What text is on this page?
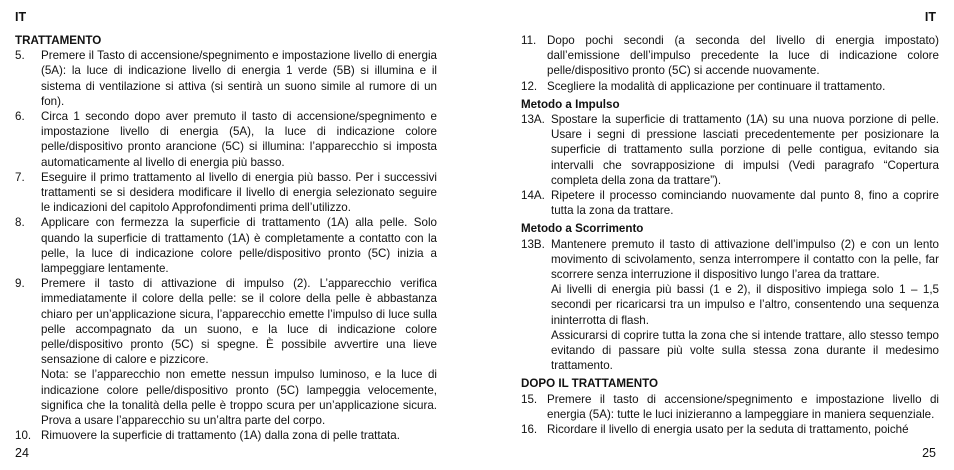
IT
TRATTAMENTO
5.	Premere il Tasto di accensione/spegnimento e impostazione livello di energia (5A): la luce di indicazione livello di energia 1 verde (5B) si illumina e il sistema di ventilazione si attiva (si sentirà un suono simile al rumore di un fon).

6.	Circa 1 secondo dopo aver premuto il tasto di accensione/spegnimento e impostazione livello di energia (5A), la luce di indicazione colore pelle/dispositivo pronto arancione (5C) si illumina: l’apparecchio si imposta automaticamente al livello di energia più basso.

7.	Eseguire il primo trattamento al livello di energia più basso. Per i successivi trattamenti se si desidera modificare il livello di energia selezionato seguire le indicazioni del capitolo Approfondimenti prima dell’utilizzo.

8.	Applicare con fermezza la superficie di trattamento (1A) alla pelle. Solo quando la superficie di trattamento (1A) è completamente a contatto con la pelle, la luce di indicazione colore pelle/dispositivo pronto (5C) inizia a lampeggiare lentamente.

9.	Premere il tasto di attivazione di impulso (2). L’apparecchio verifica immediatamente il colore della pelle: se il colore della pelle è abbastanza chiaro per un’applicazione sicura, l’apparecchio emette l’impulso di luce sulla pelle accompagnato da un suono, e la luce di indicazione colore pelle/dispositivo pronto (5C) si spegne. È possibile avvertire una lieve sensazione di calore e pizzicore.

Nota: se l’apparecchio non emette nessun impulso luminoso, e la luce di indicazione colore pelle/dispositivo pronto (5C) lampeggia velocemente, significa che la tonalità della pelle è troppo scura per un’applicazione sicura. Prova a usare l’apparecchio su un’altra parte del corpo.

10. Rimuovere la superficie di trattamento (1A) dalla zona di pelle trattata.

24
IT
11. Dopo pochi secondi (a seconda del livello di energia impostato) dall’emissione dell’impulso precedente la luce di indicazione colore pelle/dispositivo pronto (5C) si accende nuovamente.

12. Scegliere la modalità di applicazione per continuare il trattamento.

Metodo a Impulso
13A. Spostare la superficie di trattamento (1A) su una nuova porzione di pelle. Usare i segni di pressione lasciati precedentemente per posizionare la superficie di trattamento sulla porzione di pelle contigua, evitando sia intervalli che sovrapposizione di impulsi (Vedi paragrafo “Copertura completa della zona da trattare”).

14A. Ripetere il processo cominciando nuovamente dal punto 8, fino a coprire tutta la zona da trattare.

Metodo a Scorrimento
13B. Mantenere premuto il tasto di attivazione dell’impulso (2) e con un lento movimento di scivolamento, senza interrompere il contatto con la pelle, far scorrere senza interruzione il dispositivo lungo l’area da trattare.

Ai livelli di energia più bassi (1 e 2), il dispositivo impiega solo 1 – 1,5 secondi per ricaricarsi tra un impulso e l’altro, consentendo una sequenza ininterrotta di flash.

Assicurarsi di coprire tutta la zona che si intende trattare, allo stesso tempo evitando di passare più volte sulla stessa zona durante il medesimo trattamento.

DOPO IL TRATTAMENTO
15. Premere il tasto di accensione/spegnimento e impostazione livello di energia (5A): tutte le luci inizieranno a lampeggiare in maniera sequenziale.

16. Ricordare il livello di energia usato per la seduta di trattamento, poiché

25
